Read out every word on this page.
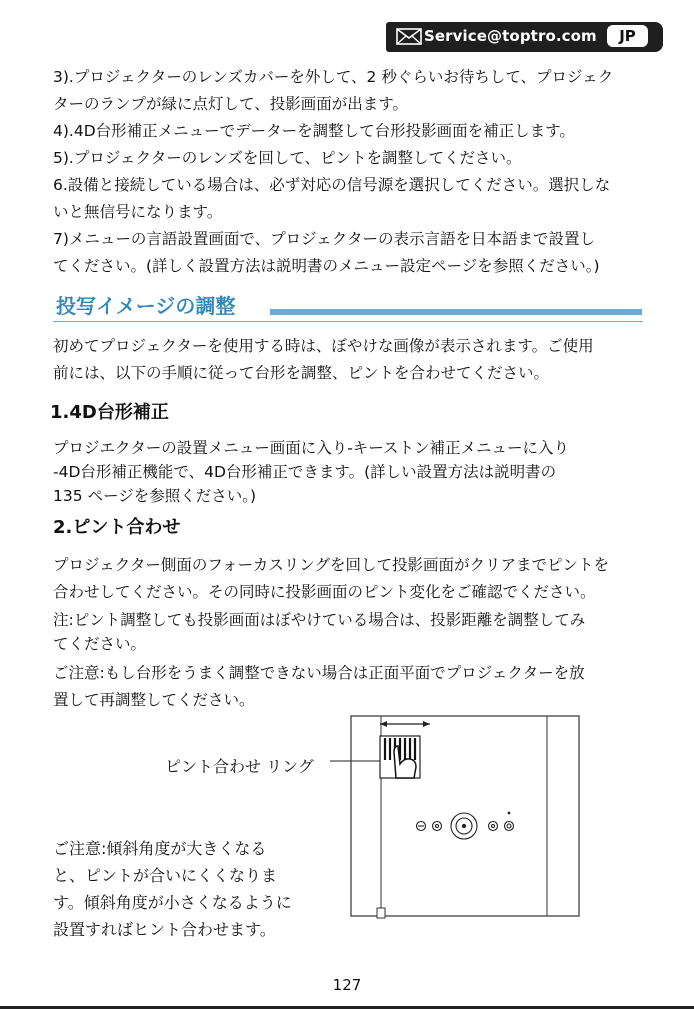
Service@toptro.com	JP

3).プロジェクターのレンズカバーを外して、2 秒ぐらいお待ちして、プロジェク
ターのランプが緑に点灯して、投影画面が出ます。

4).4D台形補正メニューでデーターを調整して台形投影画面を補正します。

5).プロジェクターのレンズを回して、ピントを調整してください。

6.設備と接続している場合は、必ず対応の信号源を選択してください。選択しな
いと無信号になります。

7)メニューの言語設置画面で、プロジェクターの表示言語を日本語まで設置し
てください。(詳しく設置方法は説明書のメニュー設定ページを参照ください。)

投写イメージの調整

初めてプロジェクターを使用する時は、ぼやけな画像が表示されます。ご使用
前には、以下の手順に従って台形を調整、ピントを合わせてください。

1.4D台形補正

プロジエクターの設置メニュー画面に入り-キーストン補正メニューに入り
-4D台形補正機能で、4D台形補正できます。(詳しい設置方法は説明書の
135 ページを参照ください。)

2.ピント合わせ

プロジェクター側面のフォーカスリングを回して投影画面がクリアまでピントを
合わせしてください。その同時に投影画面のピント変化をご確認でください。

注:ピント調整しても投影画面はぼやけている場合は、投影距離を調整してみ
てください。

ご注意:もし台形をうまく調整できない場合は正面平面でプロジェクターを放
置して再調整してください。

ピント合わせ リング

ご注意:傾斜角度が大きくなる
と、ピントが合いにくくなりま
す。傾斜角度が小さくなるように
設置すればヒント合わせます。

127
